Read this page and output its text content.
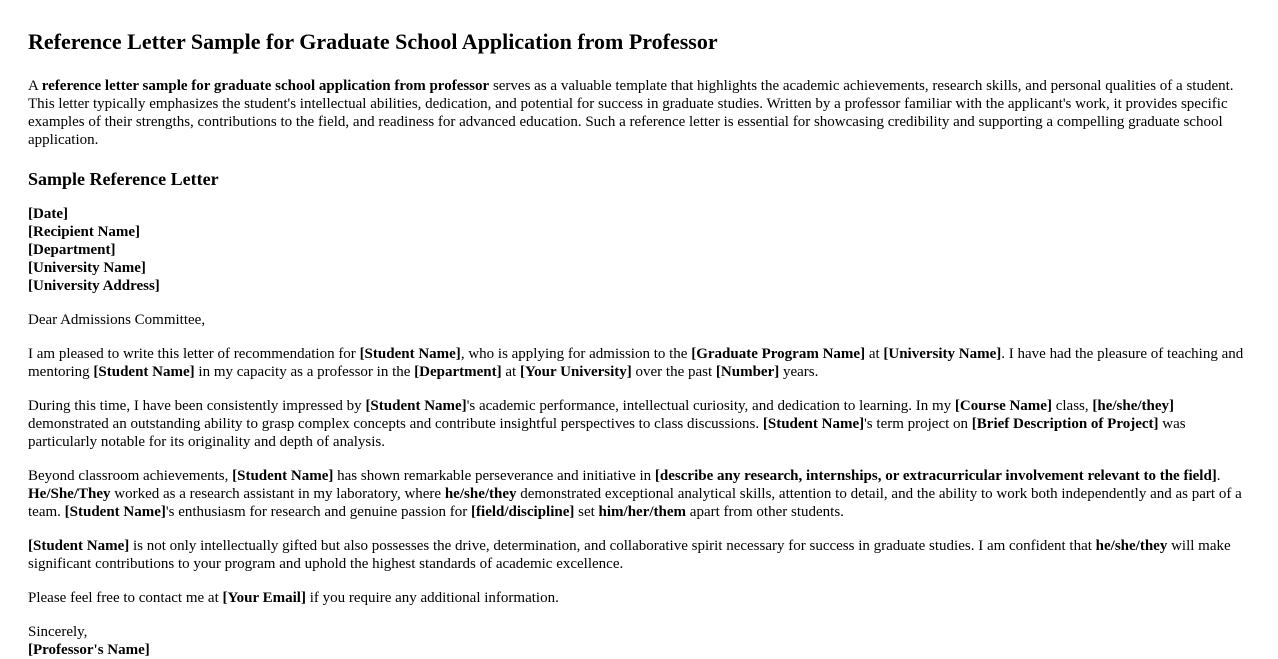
Reference Letter Sample for Graduate School Application from Professor

A reference letter sample for graduate school application from professor serves as a valuable template that highlights the academic achievements, research skills, and personal qualities of a student. This letter typically emphasizes the student's intellectual abilities, dedication, and potential for success in graduate studies. Written by a professor familiar with the applicant's work, it provides specific examples of their strengths, contributions to the field, and readiness for advanced education. Such a reference letter is essential for showcasing credibility and supporting a compelling graduate school application.

Sample Reference Letter
[Date]
[Recipient Name]
[Department]
[University Name]
[University Address]

Dear Admissions Committee,

I am pleased to write this letter of recommendation for [Student Name], who is applying for admission to the [Graduate Program Name] at [University Name]. I have had the pleasure of teaching and mentoring [Student Name] in my capacity as a professor in the [Department] at [Your University] over the past [Number] years.

During this time, I have been consistently impressed by [Student Name]'s academic performance, intellectual curiosity, and dedication to learning. In my [Course Name] class, [he/she/they] demonstrated an outstanding ability to grasp complex concepts and contribute insightful perspectives to class discussions. [Student Name]'s term project on [Brief Description of Project] was particularly notable for its originality and depth of analysis.

Beyond classroom achievements, [Student Name] has shown remarkable perseverance and initiative in [describe any research, internships, or extracurricular involvement relevant to the field]. He/She/They worked as a research assistant in my laboratory, where he/she/they demonstrated exceptional analytical skills, attention to detail, and the ability to work both independently and as part of a team. [Student Name]'s enthusiasm for research and genuine passion for [field/discipline] set him/her/them apart from other students.

[Student Name] is not only intellectually gifted but also possesses the drive, determination, and collaborative spirit necessary for success in graduate studies. I am confident that he/she/they will make significant contributions to your program and uphold the highest standards of academic excellence.

Please feel free to contact me at [Your Email] if you require any additional information.

Sincerely,
[Professor's Name]
